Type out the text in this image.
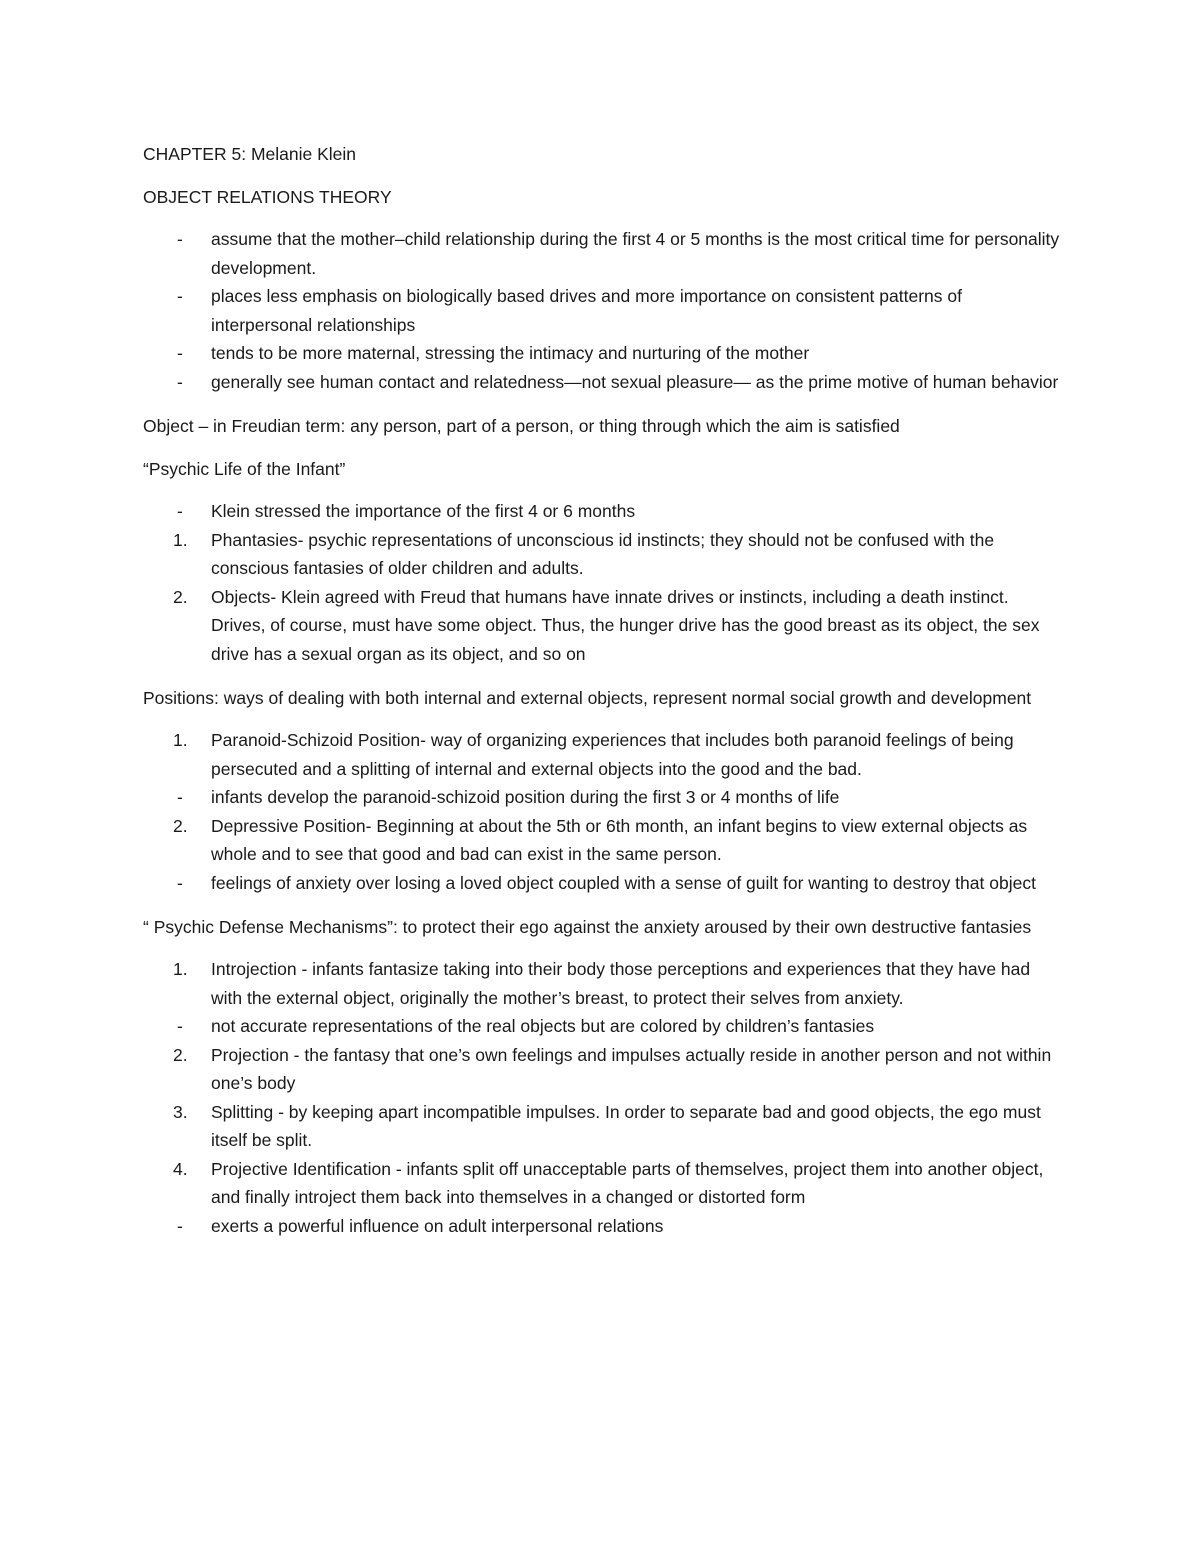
CHAPTER 5: Melanie Klein

OBJECT RELATIONS THEORY

-	assume that the mother–child relationship during the first 4 or 5 months is the most critical time for personality development.
-	places less emphasis on biologically based drives and more importance on consistent patterns of interpersonal relationships
-	tends to be more maternal, stressing the intimacy and nurturing of the mother
-	generally see human contact and relatedness—not sexual pleasure— as the prime motive of human behavior

Object – in Freudian term: any person, part of a person, or thing through which the aim is satisfied

“Psychic Life of the Infant”

-	Klein stressed the importance of the first 4 or 6 months
1.	Phantasies- psychic representations of unconscious id instincts; they should not be confused with the conscious fantasies of older children and adults.
2.	Objects- Klein agreed with Freud that humans have innate drives or instincts, including a death instinct. Drives, of course, must have some object. Thus, the hunger drive has the good breast as its object, the sex drive has a sexual organ as its object, and so on

Positions: ways of dealing with both internal and external objects, represent normal social growth and development

1.	Paranoid-Schizoid Position- way of organizing experiences that includes both paranoid feelings of being persecuted and a splitting of internal and external objects into the good and the bad.
-	infants develop the paranoid-schizoid position during the first 3 or 4 months of life
2.	Depressive Position- Beginning at about the 5th or 6th month, an infant begins to view external objects as whole and to see that good and bad can exist in the same person.
-	feelings of anxiety over losing a loved object coupled with a sense of guilt for wanting to destroy that object

“ Psychic Defense Mechanisms”: to protect their ego against the anxiety aroused by their own destructive fantasies

1.	Introjection - infants fantasize taking into their body those perceptions and experiences that they have had with the external object, originally the mother’s breast, to protect their selves from anxiety.
-	not accurate representations of the real objects but are colored by children’s fantasies
2.	Projection - the fantasy that one’s own feelings and impulses actually reside in another person and not within one’s body
3.	Splitting - by keeping apart incompatible impulses. In order to separate bad and good objects, the ego must itself be split.
4.	Projective Identification - infants split off unacceptable parts of themselves, project them into another object, and finally introject them back into themselves in a changed or distorted form
-	exerts a powerful influence on adult interpersonal relations
